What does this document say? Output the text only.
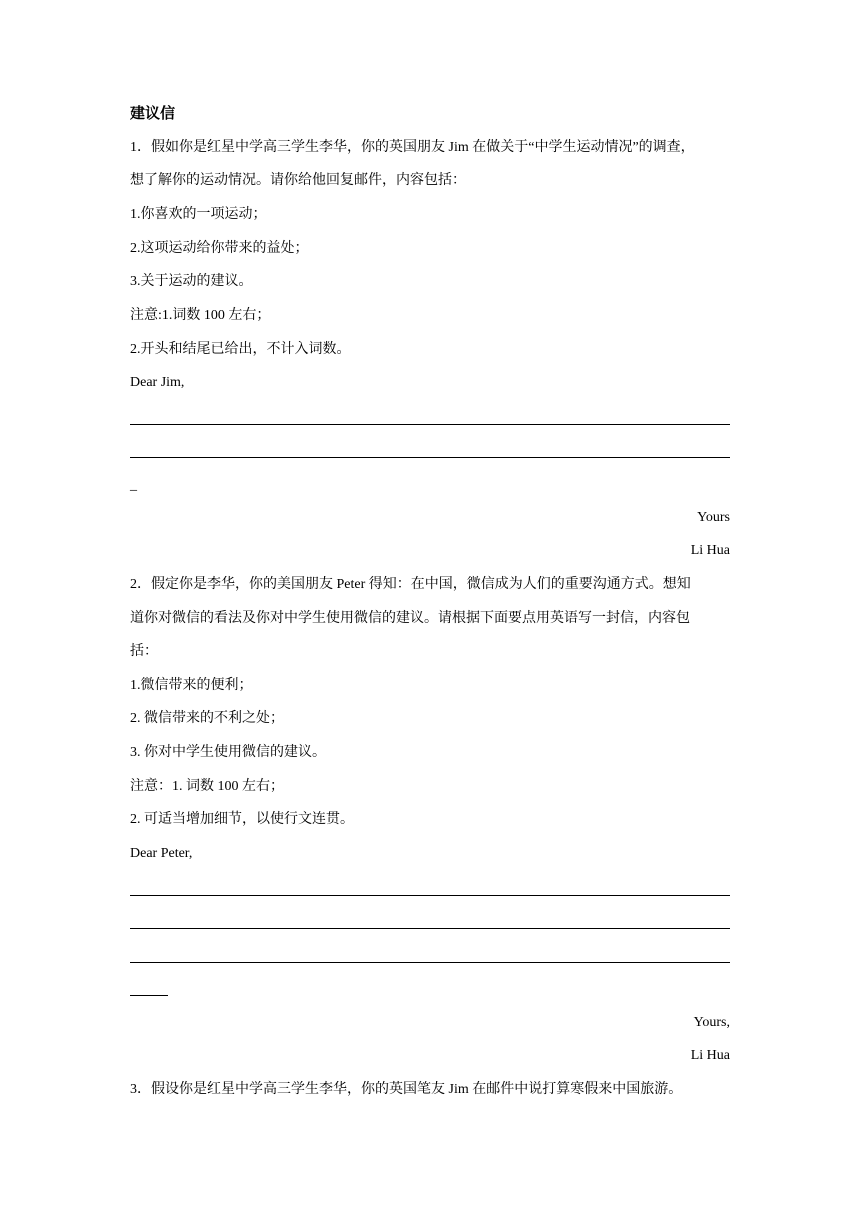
建议信
1．假如你是红星中学高三学生李华，你的英国朋友 Jim 在做关于“中学生运动情况”的调查，
想了解你的运动情况。请你给他回复邮件，内容包括：
1.你喜欢的一项运动；
2.这项运动给你带来的益处；
3.关于运动的建议。
注意:1.词数 100 左右；
2.开头和结尾已给出，不计入词数。
Dear Jim,
_
Yours
Li Hua
2．假定你是李华，你的美国朋友 Peter 得知：在中国，微信成为人们的重要沟通方式。想知
道你对微信的看法及你对中学生使用微信的建议。请根据下面要点用英语写一封信，内容包
括：
1.微信带来的便利；
2. 微信带来的不利之处；
3. 你对中学生使用微信的建议。
注意：1. 词数 100 左右；
2. 可适当增加细节，以使行文连贯。
Dear Peter,
Yours,
Li Hua
3．假设你是红星中学高三学生李华，你的英国笔友 Jim 在邮件中说打算寒假来中国旅游。
